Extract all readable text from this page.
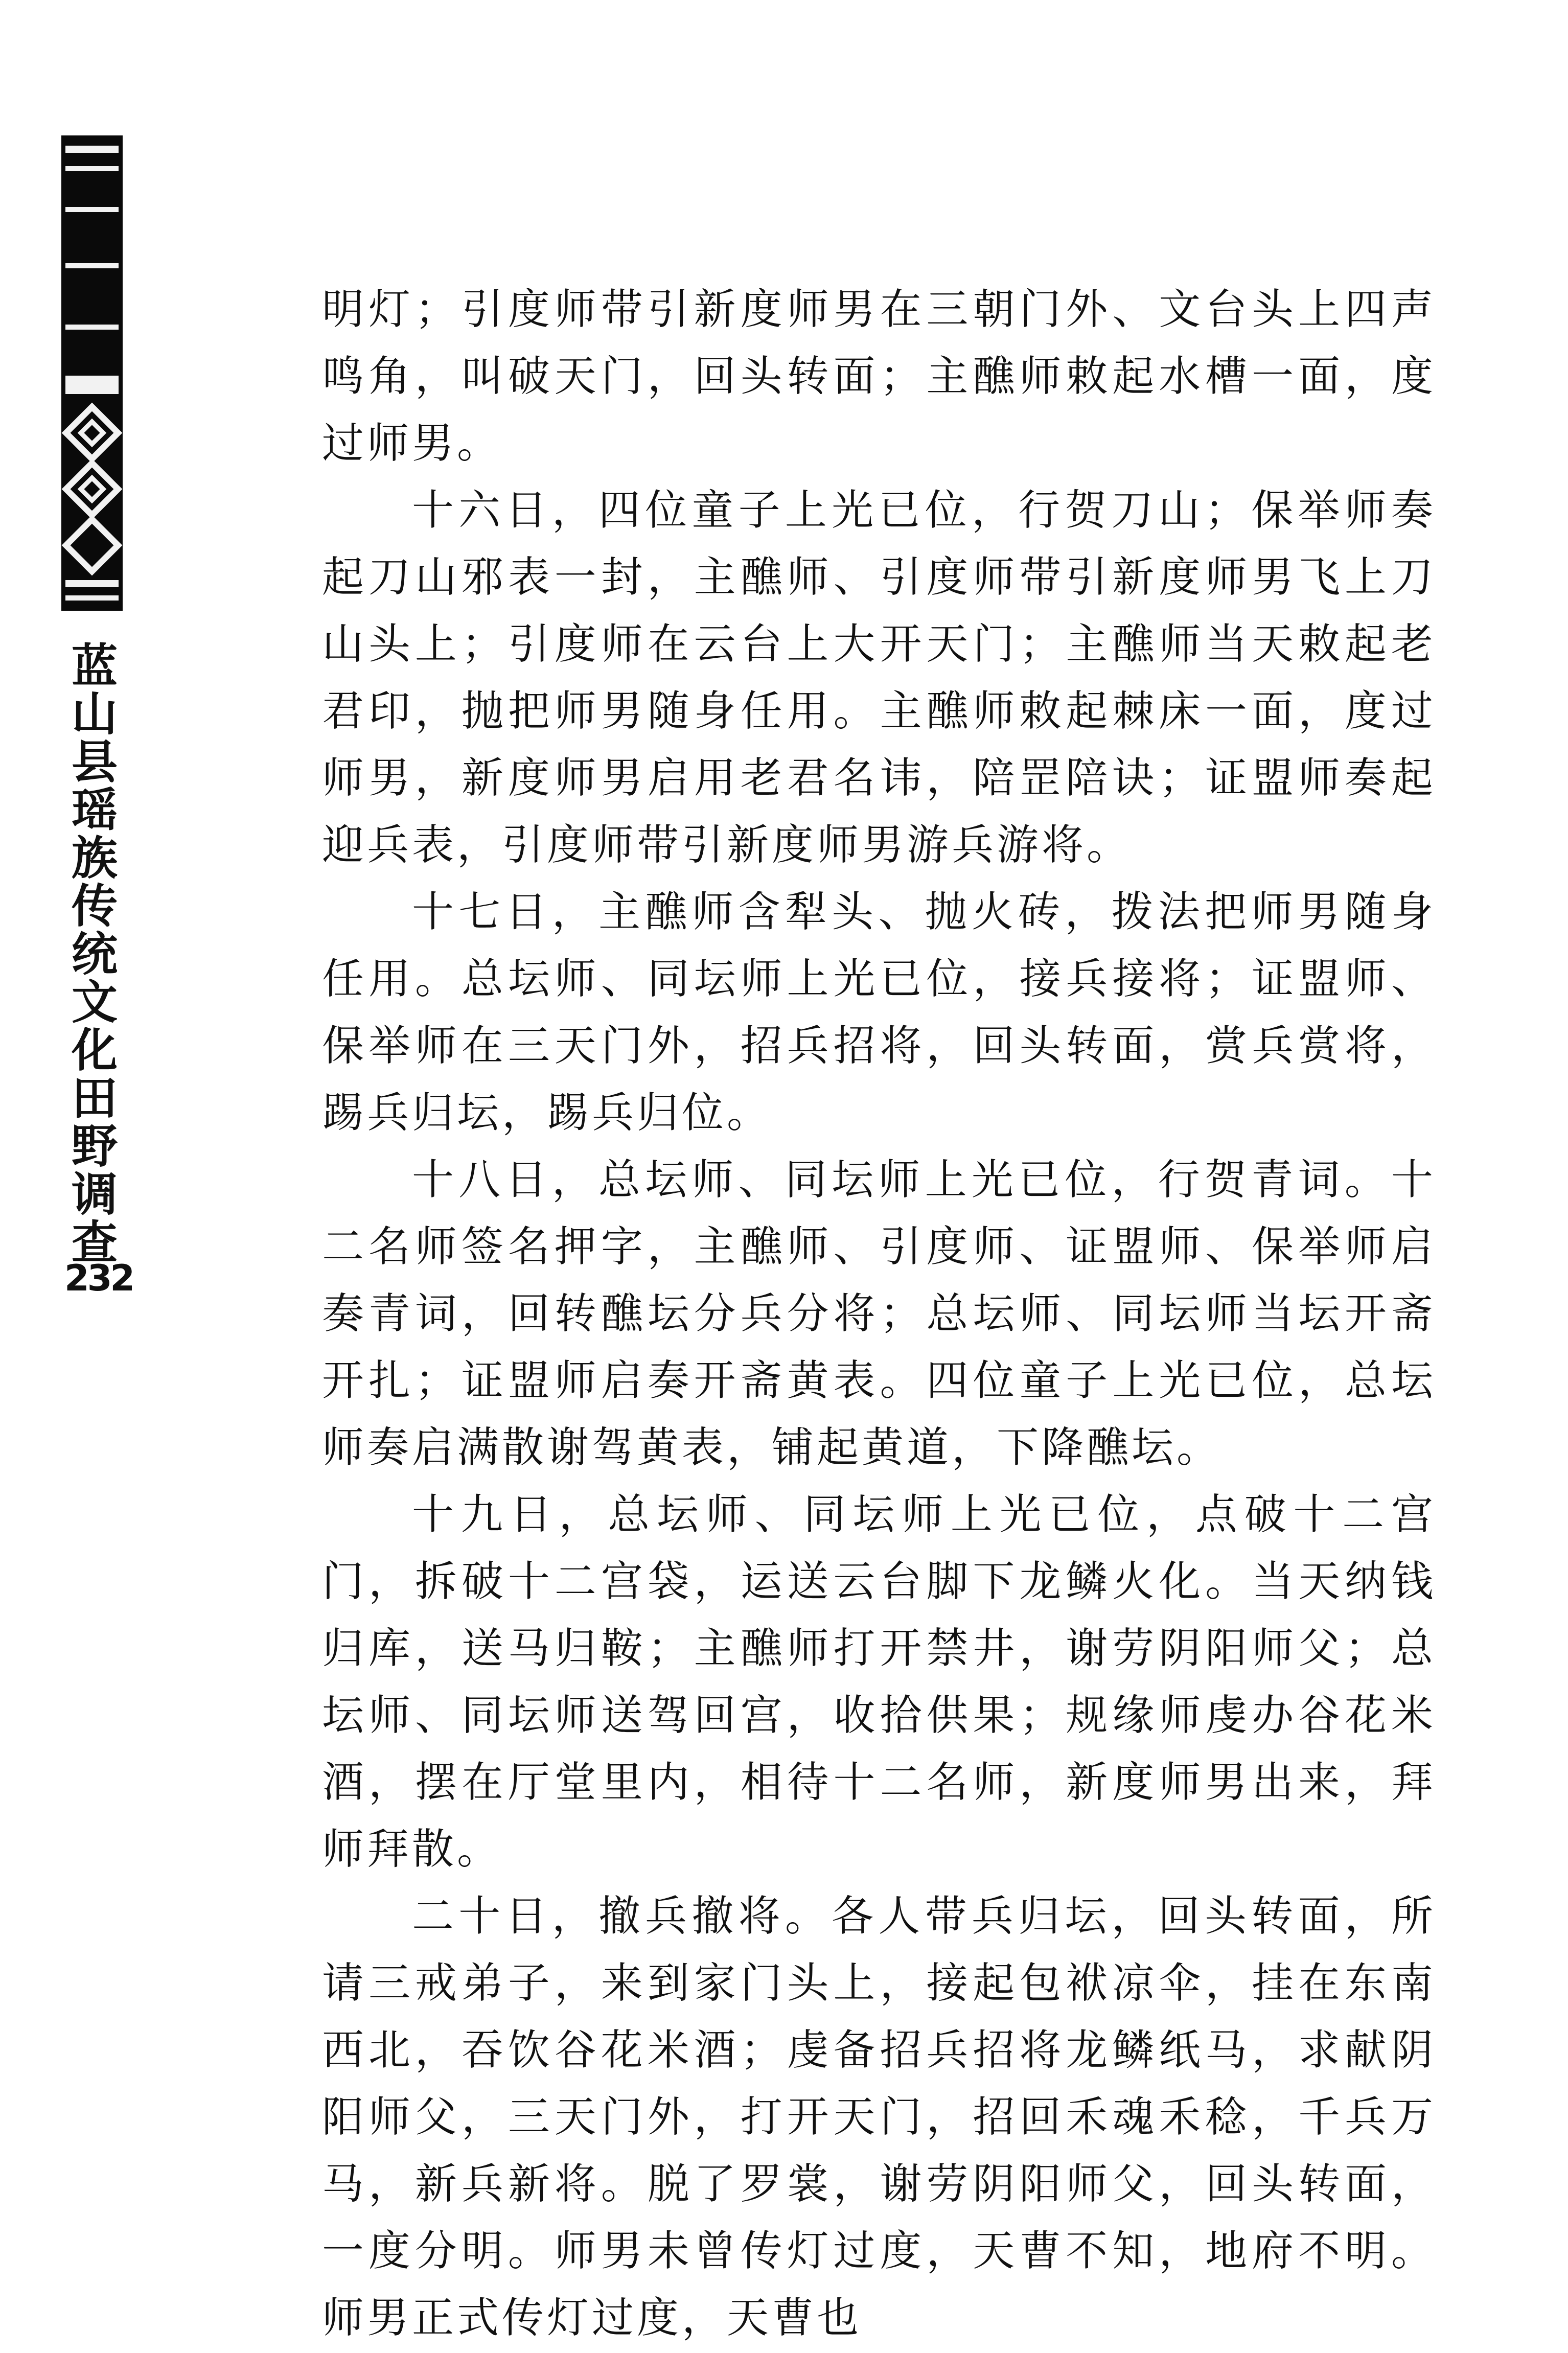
蓝山县瑶族传统文化田野调查
232

明灯；引度师带引新度师男在三朝门外、文台头上四声鸣角，叫破天门，回头转面；主醮师敕起水槽一面，度过师男。

十六日，四位童子上光已位，行贺刀山；保举师奏起刀山邪表一封，主醮师、引度师带引新度师男飞上刀山头上；引度师在云台上大开天门；主醮师当天敕起老君印，抛把师男随身任用。主醮师敕起棘床一面，度过师男，新度师男启用老君名讳，陪罡陪诀；证盟师奏起迎兵表，引度师带引新度师男游兵游将。

十七日，主醮师含犁头、抛火砖，拨法把师男随身任用。总坛师、同坛师上光已位，接兵接将；证盟师、保举师在三天门外，招兵招将，回头转面，赏兵赏将，踢兵归坛，踢兵归位。

十八日，总坛师、同坛师上光已位，行贺青词。十二名师签名押字，主醮师、引度师、证盟师、保举师启奏青词，回转醮坛分兵分将；总坛师、同坛师当坛开斋开扎；证盟师启奏开斋黄表。四位童子上光已位，总坛师奏启满散谢驾黄表，铺起黄道，下降醮坛。

十九日，总坛师、同坛师上光已位，点破十二宫门，拆破十二宫袋，运送云台脚下龙鳞火化。当天纳钱归库，送马归鞍；主醮师打开禁井，谢劳阴阳师父；总坛师、同坛师送驾回宫，收拾供果；规缘师虔办谷花米酒，摆在厅堂里内，相待十二名师，新度师男出来，拜师拜散。

二十日，撤兵撤将。各人带兵归坛，回头转面，所请三戒弟子，来到家门头上，接起包袱凉伞，挂在东南西北，吞饮谷花米酒；虔备招兵招将龙鳞纸马，求献阴阳师父，三天门外，打开天门，招回禾魂禾稔，千兵万马，新兵新将。脱了罗裳，谢劳阴阳师父，回头转面，一度分明。师男未曾传灯过度，天曹不知，地府不明。师男正式传灯过度，天曹也
